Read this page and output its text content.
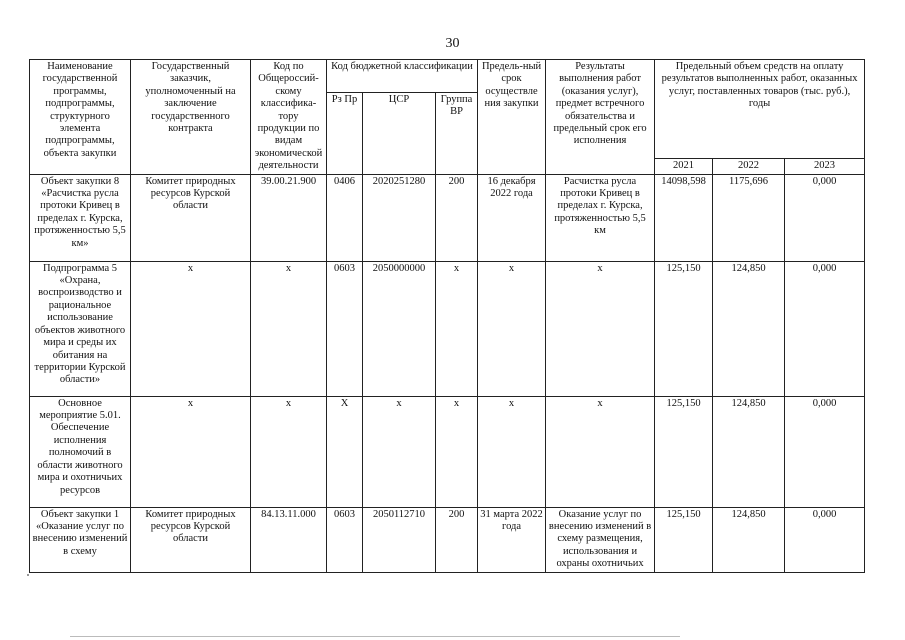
30
Наименование государственной программы, подпрограммы, структурного элемента подпрограммы, объекта закупки	Государственный заказчик, уполномоченный на заключение государственного контракта	Код по Общероссий-скому классифика-тору продукции по видам экономической деятельности	Код бюджетной классификации			Предель-ный срок осуществле ния закупки	Результаты выполнения работ (оказания услуг), предмет встречного обязательства и предельный срок его исполнения	Предельный объем средств на оплату результатов выполненных работ, оказанных услуг, поставленных товаров (тыс. руб.), годы		
			Рз Пр	ЦСР	Группа ВР					
								2021	2022	2023
Объект закупки 8 «Расчистка русла протоки Кривец в пределах г. Курска, протяженностью 5,5 км»	Комитет природных ресурсов Курской области	39.00.21.900	0406	2020251280	200	16 декабря 2022 года	Расчистка русла протоки Кривец в пределах г. Курска, протяженностью 5,5 км	14098,598	1175,696	0,000
Подпрограмма 5 «Охрана, воспроизводство и рациональное использование объектов животного мира и среды их обитания на территории Курской области»	х	х	0603	2050000000	х	х	х	125,150	124,850	0,000
Основное мероприятие 5.01. Обеспечение исполнения полномочий в области животного мира и охотничьих ресурсов	х	х	Х	х	х	х	х	125,150	124,850	0,000
Объект закупки 1 «Оказание услуг по внесению изменений в схему	Комитет природных ресурсов Курской области	84.13.11.000	0603	2050112710	200	31 марта 2022 года	Оказание услуг по внесению изменений в схему размещения, использования и охраны охотничьих	125,150	124,850	0,000
